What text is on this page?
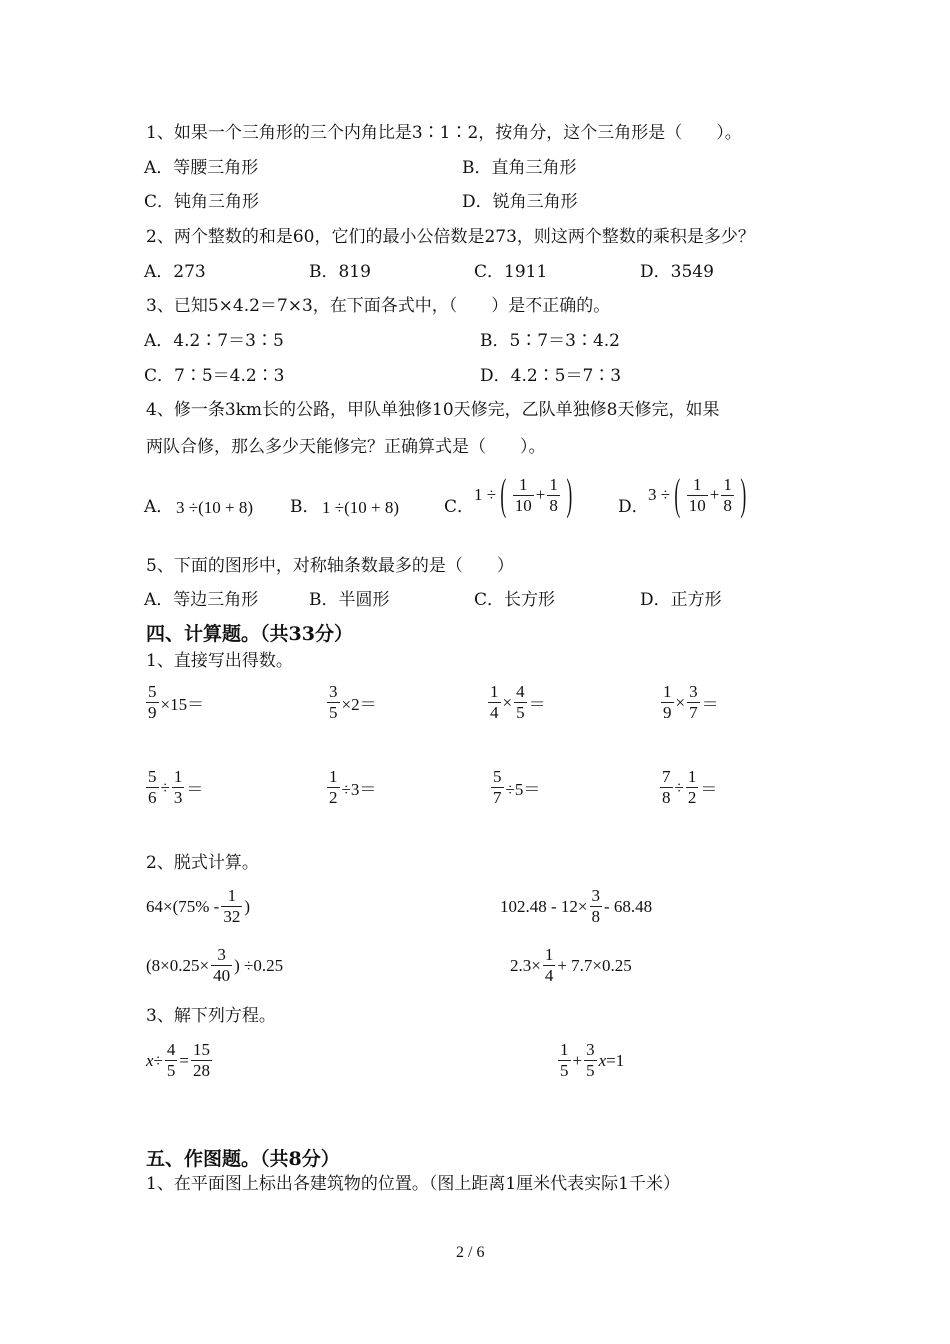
1、如果一个三角形的三个内角比是3∶1∶2，按角分，这个三角形是（　　）。
A．等腰三角形	B．直角三角形
C．钝角三角形	D．锐角三角形
2、两个整数的和是60，它们的最小公倍数是273，则这两个整数的乘积是多少？
A．273	B．819	C．1911	D．3549
3、已知5×4.2＝7×3，在下面各式中，（　　）是不正确的。
A．4.2∶7＝3∶5	B．5∶7＝3∶4.2
C．7∶5＝4.2∶3	D．4.2∶5＝7∶3
4、修一条3km长的公路，甲队单独修10天修完，乙队单独修8天修完，如果
两队合修，那么多少天能修完？正确算式是（　　）。
A． 3 ÷(10 + 8) B． 1 ÷(10 + 8)	C．
1 ÷ ( $\frac{1}{10} + \frac{1}{8}$ )	D．
3 ÷ ( $\frac{1}{10} + \frac{1}{8}$ )
5、下面的图形中，对称轴条数最多的是（　　）
A．等边三角形	B．半圆形	C．长方形	D．正方形
四、计算题。（共33分）
1、直接写出得数。
$\frac{5}{9} \times 15=$	$\frac{3}{5} \times 2=$	$\frac{1}{4} \times \frac{4}{5}$ ＝	$\frac{1}{9} \times \frac{3}{7}$ ＝
$\frac{5}{6} \div \frac{1}{3}$ ＝	$\frac{1}{2} \div 3=$	$\frac{5}{7} \div 5=$	$\frac{7}{8} \div \frac{1}{2}$ ＝
2、脱式计算。
$64\times(75\% - \frac{1}{32}$ )	$102.48 - 12\times \frac{3}{8} - 68.48$
($8\times 0.25\times \frac{3}{40}$ ) ÷0.25	$2.3\times \frac{1}{4} + 7.7\times 0.25$
3、解下列方程。
$x \div \frac{4}{5} = \frac{15}{28}$	$\frac{1}{5} + \frac{3}{5}$ x =1
五、作图题。（共8分）
1、在平面图上标出各建筑物的位置。（图上距离1厘米代表实际1千米）
2 / 6
